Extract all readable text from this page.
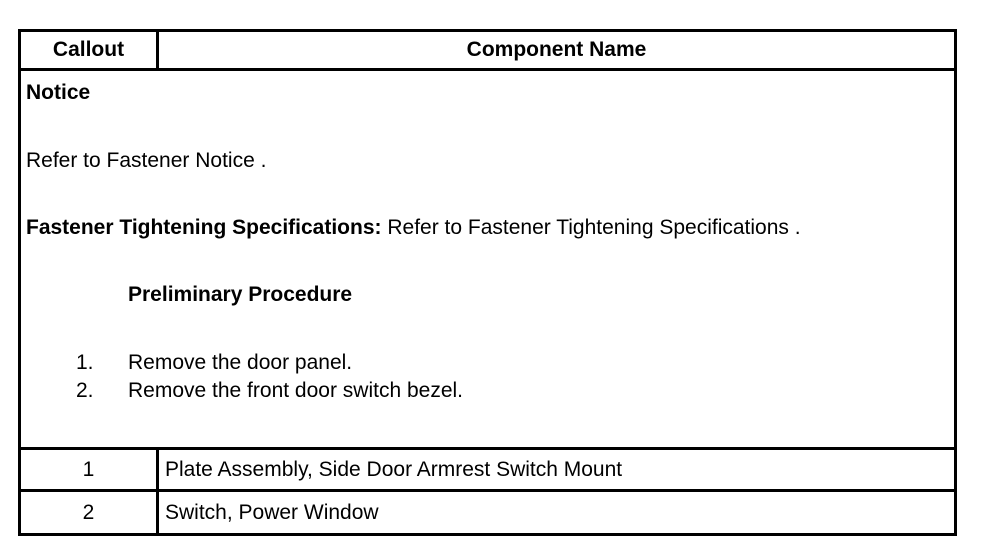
Callout	Component Name
Notice
Refer to Fastener Notice .
Fastener Tightening Specifications: Refer to Fastener Tightening Specifications .
Preliminary Procedure
1. Remove the door panel.
2. Remove the front door switch bezel.
1	Plate Assembly, Side Door Armrest Switch Mount
2	Switch, Power Window
